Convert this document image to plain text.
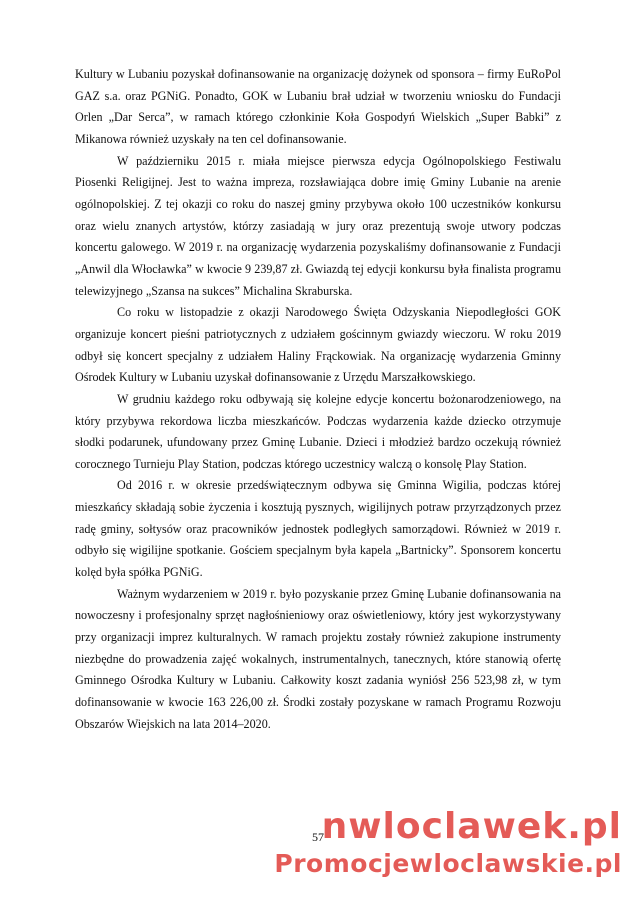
Kultury w Lubaniu pozyskał dofinansowanie na organizację dożynek od sponsora – firmy EuRoPol GAZ s.a. oraz PGNiG. Ponadto, GOK w Lubaniu brał udział w tworzeniu wniosku do Fundacji Orlen „Dar Serca”, w ramach którego członkinie Koła Gospodyń Wielskich „Super Babki” z Mikanowa również uzyskały na ten cel dofinansowanie.

W październiku 2015 r. miała miejsce pierwsza edycja Ogólnopolskiego Festiwalu Piosenki Religijnej. Jest to ważna impreza, rozsławiająca dobre imię Gminy Lubanie na arenie ogólnopolskiej. Z tej okazji co roku do naszej gminy przybywa około 100 uczestników konkursu oraz wielu znanych artystów, którzy zasiadają w jury oraz prezentują swoje utwory podczas koncertu galowego. W 2019 r. na organizację wydarzenia pozyskaliśmy dofinansowanie z Fundacji „Anwil dla Włocławka” w kwocie 9 239,87 zł. Gwiazdą tej edycji konkursu była finalista programu telewizyjnego „Szansa na sukces” Michalina Skraburska.

Co roku w listopadzie z okazji Narodowego Święta Odzyskania Niepodległości GOK organizuje koncert pieśni patriotycznych z udziałem gościnnym gwiazdy wieczoru. W roku 2019 odbył się koncert specjalny z udziałem Haliny Frąckowiak. Na organizację wydarzenia Gminny Ośrodek Kultury w Lubaniu uzyskał dofinansowanie z Urzędu Marszałkowskiego.

W grudniu każdego roku odbywają się kolejne edycje koncertu bożonarodzeniowego, na który przybywa rekordowa liczba mieszkańców. Podczas wydarzenia każde dziecko otrzymuje słodki podarunek, ufundowany przez Gminę Lubanie. Dzieci i młodzież bardzo oczekują również corocznego Turnieju Play Station, podczas którego uczestnicy walczą o konsolę Play Station.

Od 2016 r. w okresie przedświątecznym odbywa się Gminna Wigilia, podczas której mieszkańcy składają sobie życzenia i kosztują pysznych, wigilijnych potraw przyrządzonych przez radę gminy, sołtysów oraz pracowników jednostek podległych samorządowi. Również w 2019 r. odbyło się wigilijne spotkanie. Gościem specjalnym była kapela „Bartnicky”. Sponsorem koncertu kolęd była spółka PGNiG.

Ważnym wydarzeniem w 2019 r. było pozyskanie przez Gminę Lubanie dofinansowania na nowoczesny i profesjonalny sprzęt nagłośnieniowy oraz oświetleniowy, który jest wykorzystywany przy organizacji imprez kulturalnych. W ramach projektu zostały również zakupione instrumenty niezbędne do prowadzenia zajęć wokalnych, instrumentalnych, tanecznych, które stanowią ofertę Gminnego Ośrodka Kultury w Lubaniu. Całkowity koszt zadania wyniósł 256 523,98 zł, w tym dofinansowanie w kwocie 163 226,00 zł. Środki zostały pozyskane w ramach Programu Rozwoju Obszarów Wiejskich na lata 2014–2020.

nwloclawek.pl
Promocjewloclawskie.pl
57
